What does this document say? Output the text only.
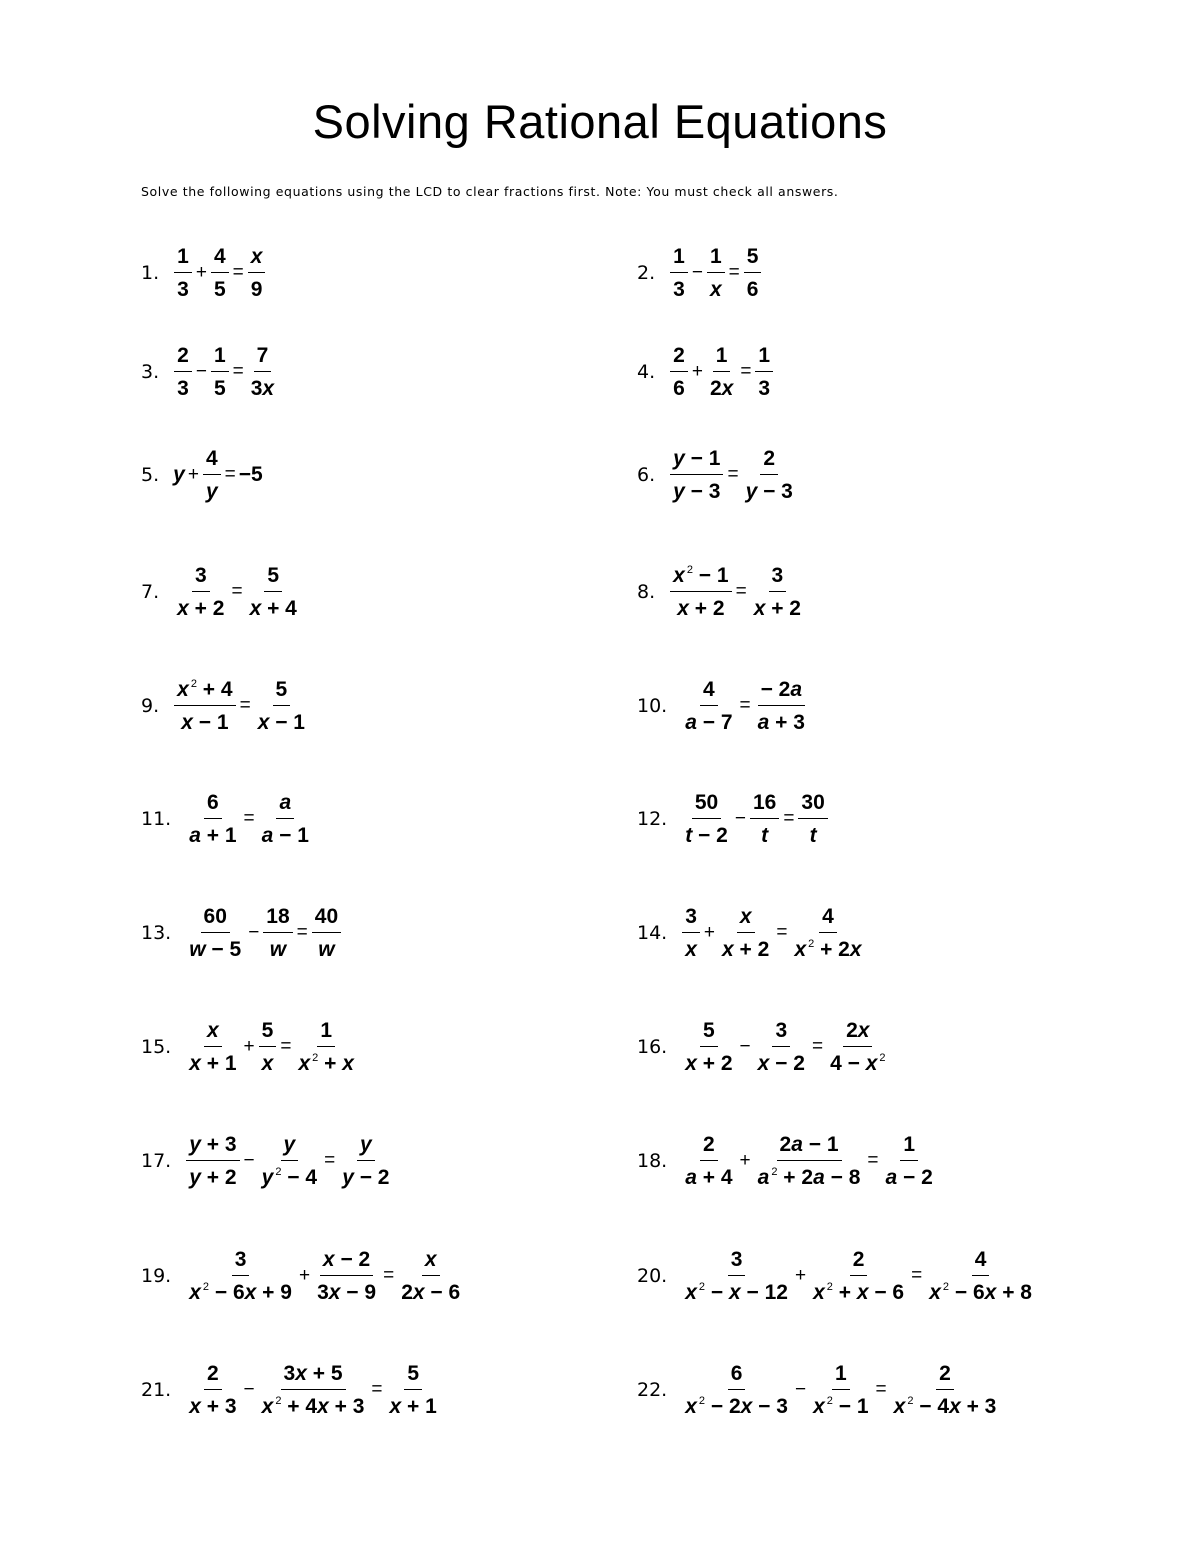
Solving Rational Equations
Solve the following equations using the LCD to clear fractions first. Note: You must check all answers.
1. $\frac{1}{3} + \frac{4}{5} = \frac{x}{9}$	2. $\frac{1}{3} - \frac{1}{x} = \frac{5}{6}$
3. $\frac{2}{3} - \frac{1}{5} = \frac{7}{3x}$	4. $\frac{2}{6} + \frac{1}{2x} = \frac{1}{3}$
5. $y + \frac{4}{y} = -5$	6. $\frac{y - 1}{y - 3} = \frac{2}{y - 3}$
7. $\frac{3}{x + 2} = \frac{5}{x + 4}$	8. $\frac{x ^2 - 1}{x + 2} = \frac{3}{x + 2}$
9. $\frac{x ^2 + 4}{x - 1} = \frac{5}{x - 1}$	10. $\frac{4}{a - 7} = \frac{- 2a}{a + 3}$
11. $\frac{6}{a + 1} = \frac{a}{a - 1}$	12. $\frac{50}{t - 2} - \frac{16}{t} = \frac{30}{t}$
13. $\frac{60}{w - 5} - \frac{18}{w} = \frac{40}{w}$	14. $\frac{3}{x} + \frac{x}{x + 2} = \frac{4}{x ^2 + 2x}$
15. $\frac{x}{x + 1} + \frac{5}{x} = \frac{1}{x ^2 + x}$	16. $\frac{5}{x + 2} - \frac{3}{x - 2} = \frac{2x}{4 - x ^2}$
17. $\frac{y + 3}{y + 2} - \frac{y}{y ^2 - 4} = \frac{y}{y - 2}$	18. $\frac{2}{a + 4} + \frac{2a - 1}{a ^2 + 2a - 8} = \frac{1}{a - 2}$
19. $\frac{3}{x ^2 - 6x + 9} + \frac{x - 2}{3x - 9} = \frac{x}{2x - 6}$	20. $\frac{3}{x ^2 - x - 12} + \frac{2}{x ^2 + x - 6} = \frac{4}{x ^2 - 6x + 8}$
21. $\frac{2}{x + 3} - \frac{3x + 5}{x ^2 + 4x + 3} = \frac{5}{x + 1}$	22. $\frac{6}{x ^2 - 2x - 3} - \frac{1}{x ^2 - 1} = \frac{2}{x ^2 - 4x + 3}$
